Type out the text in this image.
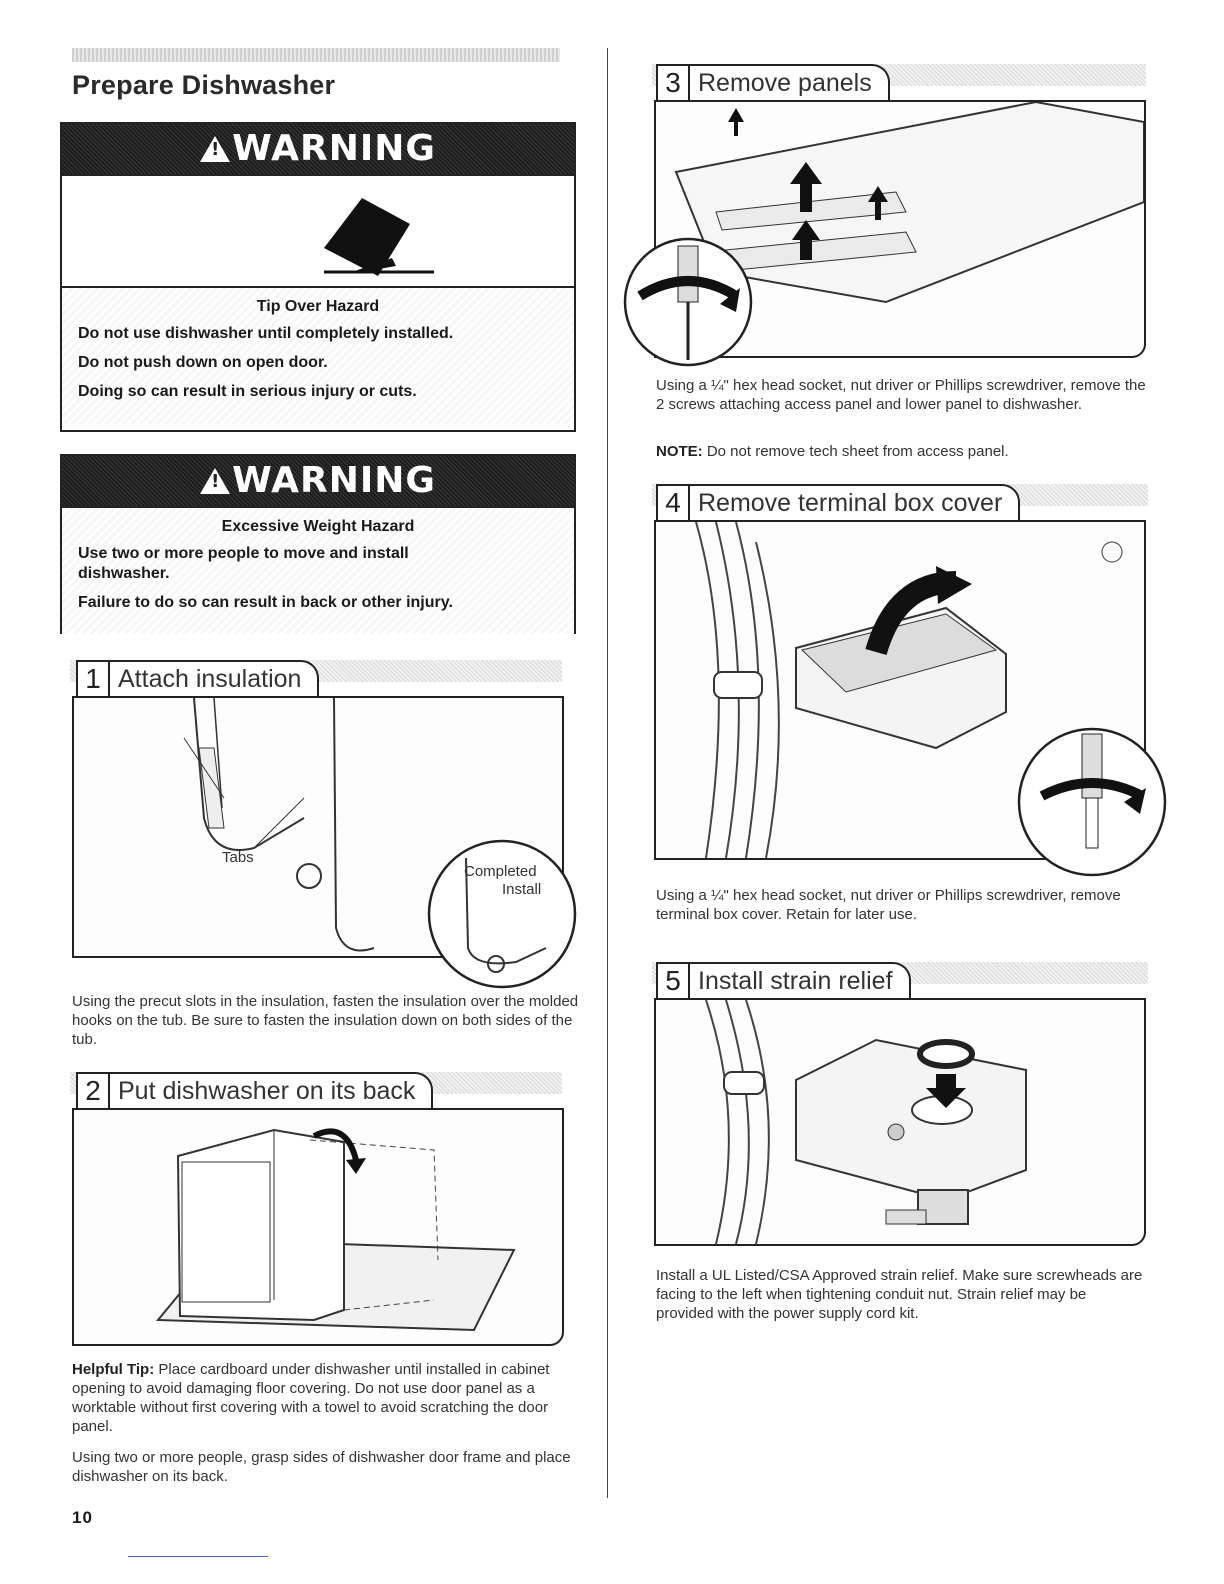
Prepare Dishwasher
!WARNING
Tip Over Hazard
Do not use dishwasher until completely installed.
Do not push down on open door.
Doing so can result in serious injury or cuts.
!WARNING
Excessive Weight Hazard
Use two or more people to move and install dishwasher.
Failure to do so can result in back or other injury.
1 Attach insulation
Tabs
Completed
Install
Using the precut slots in the insulation, fasten the insulation over the molded hooks on the tub. Be sure to fasten the insulation down on both sides of the tub.
2 Put dishwasher on its back
Helpful Tip: Place cardboard under dishwasher until installed in cabinet opening to avoid damaging floor covering. Do not use door panel as a worktable without first covering with a towel to avoid scratching the door panel.
Using two or more people, grasp sides of dishwasher door frame and place dishwasher on its back.
3 Remove panels
Using a ¼" hex head socket, nut driver or Phillips screwdriver, remove the 2 screws attaching access panel and lower panel to dishwasher.
NOTE: Do not remove tech sheet from access panel.
4 Remove terminal box cover
Using a ¼" hex head socket, nut driver or Phillips screwdriver, remove terminal box cover. Retain for later use.
5 Install strain relief
Install a UL Listed/CSA Approved strain relief. Make sure screwheads are facing to the left when tightening conduit nut. Strain relief may be provided with the power supply cord kit.
10
